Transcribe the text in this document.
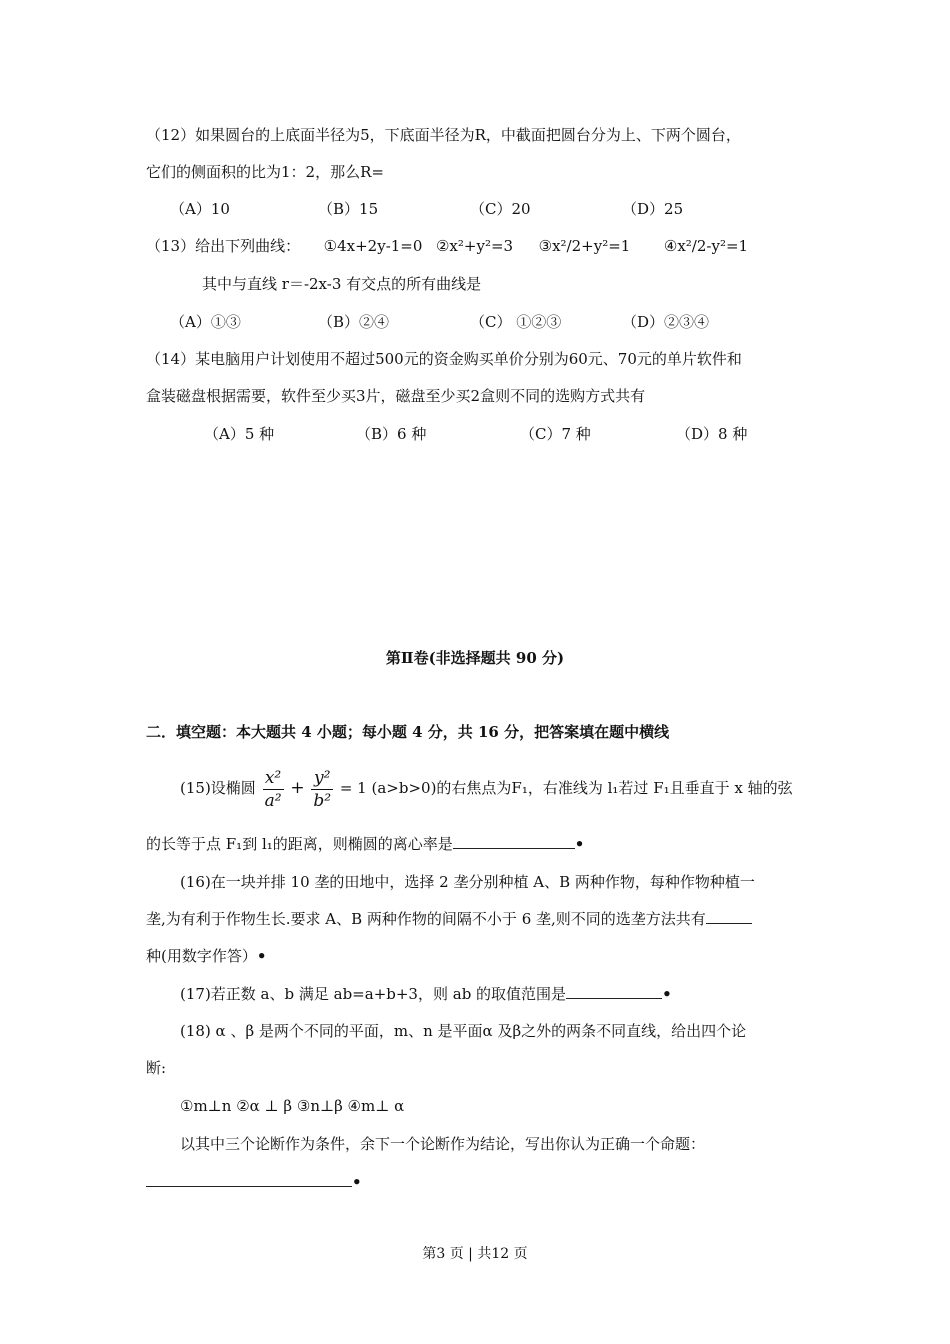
（12）如果圆台的上底面半径为5，下底面半径为R，中截面把圆台分为上、下两个圆台，
它们的侧面积的比为1：2，那么R=
（A）10	（B）15	（C）20	（D）25
（13）给出下列曲线： ①4x+2y-1=0 ②x²+y²=3 ③x²/2+y²=1 ④x²/2-y²=1
其中与直线 r＝-2x-3 有交点的所有曲线是
（A）①③	（B）②④	（C） ①②③	（D）②③④
（14）某电脑用户计划使用不超过500元的资金购买单价分别为60元、70元的单片软件和
盒装磁盘根据需要，软件至少买3片，磁盘至少买2盒则不同的选购方式共有
（A）5 种	（B）6 种	（C）7 种	（D）8 种
第Ⅱ卷(非选择题共 90 分)
二．填空题：本大题共 4 小题；每小题 4 分，共 16 分，把答案填在题中横线
(15)设椭圆 $\frac{\text{x²}}{\text{a²}} + \frac{\text{y²}}{\text{b²}} = 1$ (a>b>0)的右焦点为F₁，右准线为 l₁若过 F₁且垂直于 x 轴的弦
的长等于点 F₁到 l₁的距离，则椭圆的离心率是	•
(16)在一块并排 10 垄的田地中，选择 2 垄分别种植 A、B 两种作物，每种作物种植一
垄,为有利于作物生长.要求 A、B 两种作物的间隔不小于 6 垄,则不同的选垄方法共有
种(用数字作答）•
(17)若正数 a、b 满足 ab=a+b+3，则 ab 的取值范围是	•
(18) α 、β 是两个不同的平面，m、n 是平面α 及β之外的两条不同直线，给出四个论
断:
①m⊥n ②α ⊥ β ③n⊥β ④m⊥ α
以其中三个论断作为条件，余下一个论断作为结论，写出你认为正确一个命题：
•
第3 页 | 共12 页
